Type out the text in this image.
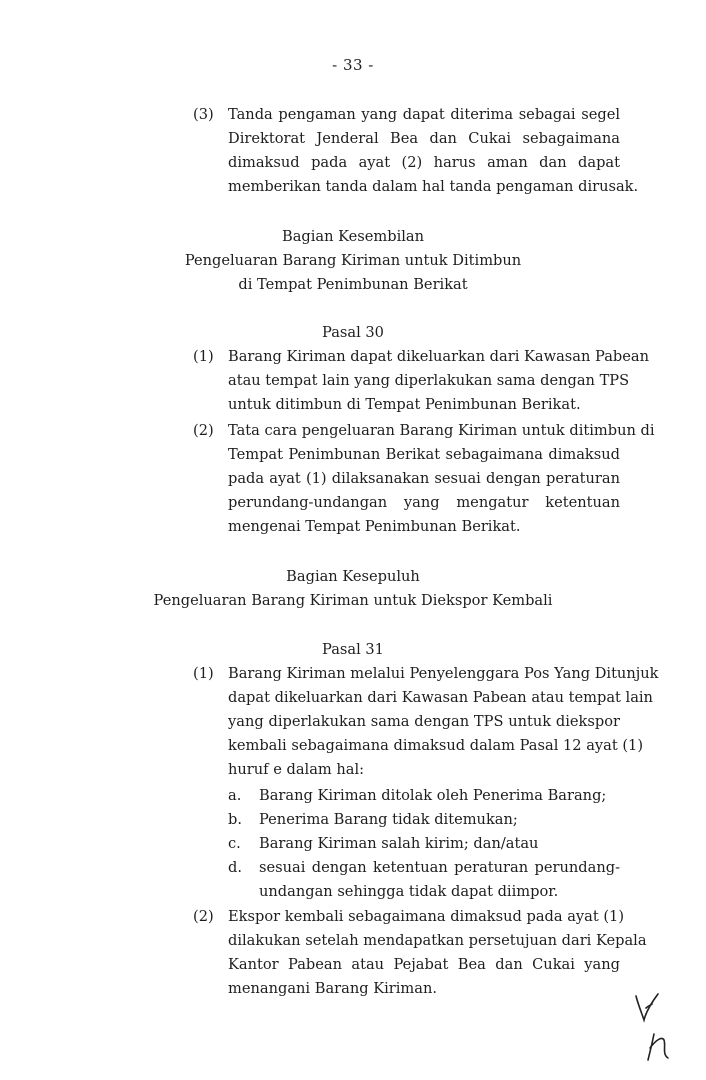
- 33 -
(3) Tanda pengaman yang dapat diterima sebagai segel
Direktorat Jenderal Bea dan Cukai sebagaimana
dimaksud pada ayat (2) harus aman dan dapat
memberikan tanda dalam hal tanda pengaman dirusak.
Bagian Kesembilan
Pengeluaran Barang Kiriman untuk Ditimbun
di Tempat Penimbunan Berikat
Pasal 30
(1) Barang Kiriman dapat dikeluarkan dari Kawasan Pabean
atau tempat lain yang diperlakukan sama dengan TPS
untuk ditimbun di Tempat Penimbunan Berikat.
(2) Tata cara pengeluaran Barang Kiriman untuk ditimbun di
Tempat Penimbunan Berikat sebagaimana dimaksud
pada ayat (1) dilaksanakan sesuai dengan peraturan
perundang-undangan yang mengatur ketentuan
mengenai Tempat Penimbunan Berikat.
Bagian Kesepuluh
Pengeluaran Barang Kiriman untuk Diekspor Kembali
Pasal 31
(1) Barang Kiriman melalui Penyelenggara Pos Yang Ditunjuk
dapat dikeluarkan dari Kawasan Pabean atau tempat lain
yang diperlakukan sama dengan TPS untuk diekspor
kembali sebagaimana dimaksud dalam Pasal 12 ayat (1)
huruf e dalam hal:
a. Barang Kiriman ditolak oleh Penerima Barang;
b. Penerima Barang tidak ditemukan;
c. Barang Kiriman salah kirim; dan/atau
d. sesuai dengan ketentuan peraturan perundang-
undangan sehingga tidak dapat diimpor.
(2) Ekspor kembali sebagaimana dimaksud pada ayat (1)
dilakukan setelah mendapatkan persetujuan dari Kepala
Kantor Pabean atau Pejabat Bea dan Cukai yang
menangani Barang Kiriman.
